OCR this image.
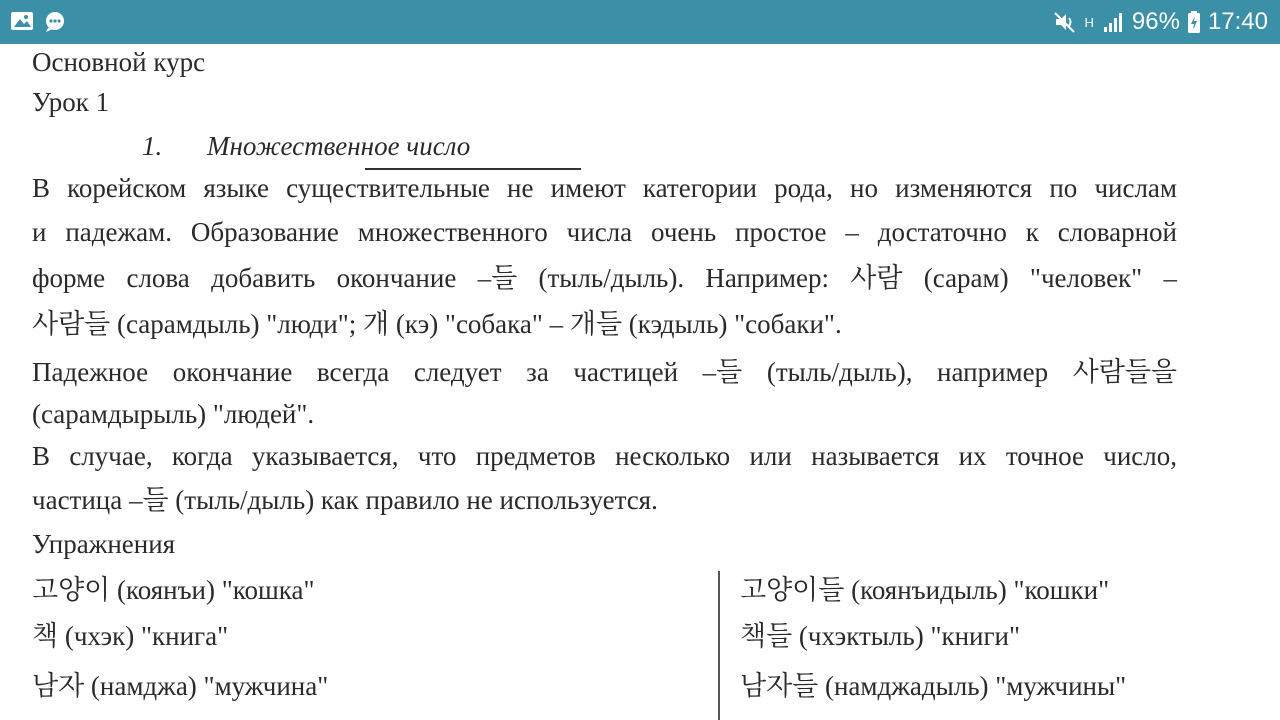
H 96% 17:40
Основной курс
Урок 1
1. Множественное число
В корейском языке существительные не имеют категории рода, но изменяются по числам
и падежам. Образование множественного числа очень простое – достаточно к словарной
форме слова добавить окончание –들 (тыль/дыль). Например: 사람 (сарам) "человек" –
사람들 (сарамдыль) "люди"; 개 (кэ) "собака" – 개들 (кэдыль) "собаки".
Падежное окончание всегда следует за частицей –들 (тыль/дыль), например 사람들을
(сарамдырыль) "людей".
В случае, когда указывается, что предметов несколько или называется их точное число,
частица –들 (тыль/дыль) как правило не используется.
Упражнения
고양이 (коянъи) "кошка"	고양이들 (коянъидыль) "кошки"
책 (чхэк) "книга"	책들 (чхэктыль) "книги"
남자 (намджа) "мужчина"	남자들 (намджадыль) "мужчины"
